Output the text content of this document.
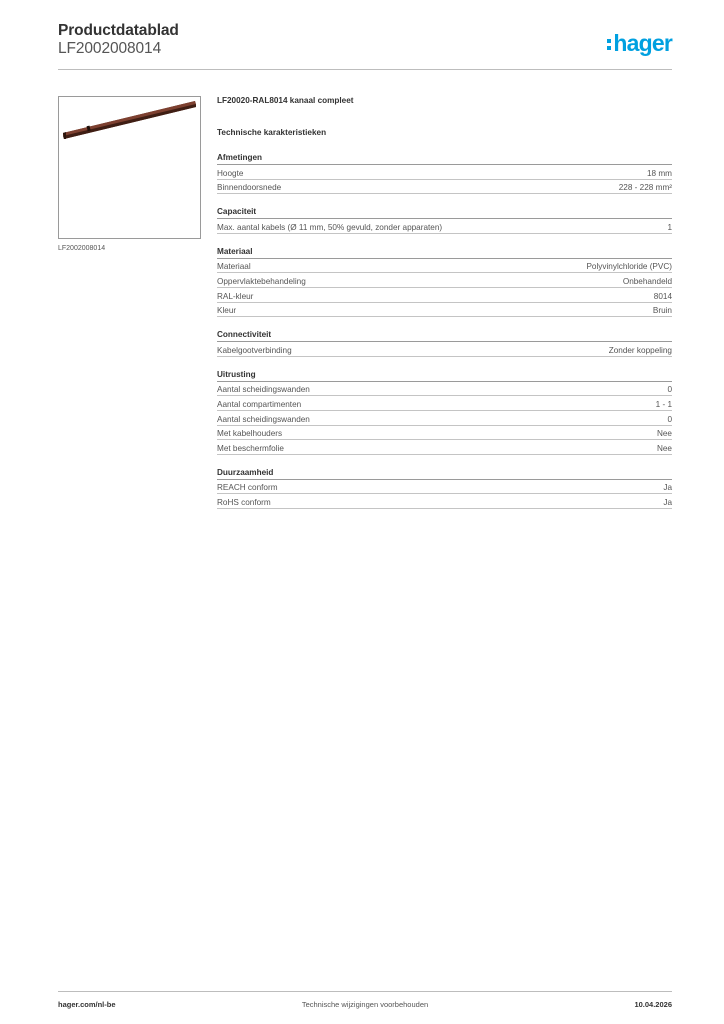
Productdatablad
LF2002008014	hager
LF2002008014
LF20020-RAL8014 kanaal compleet
Technische karakteristieken
Afmetingen
Hoogte	18 mm
Binnendoorsnede	228 - 228 mm²
Capaciteit
Max. aantal kabels (Ø 11 mm, 50% gevuld, zonder apparaten)	1
Materiaal
Materiaal	Polyvinylchloride (PVC)
Oppervlaktebehandeling	Onbehandeld
RAL-kleur	8014
Kleur	Bruin
Connectiviteit
Kabelgootverbinding	Zonder koppeling
Uitrusting
Aantal scheidingswanden	0
Aantal compartimenten	1 - 1
Aantal scheidingswanden	0
Met kabelhouders	Nee
Met beschermfolie	Nee
Duurzaamheid
REACH conform	Ja
RoHS conform	Ja
hager.com/nl-be	Technische wijzigingen voorbehouden	10.04.2026
